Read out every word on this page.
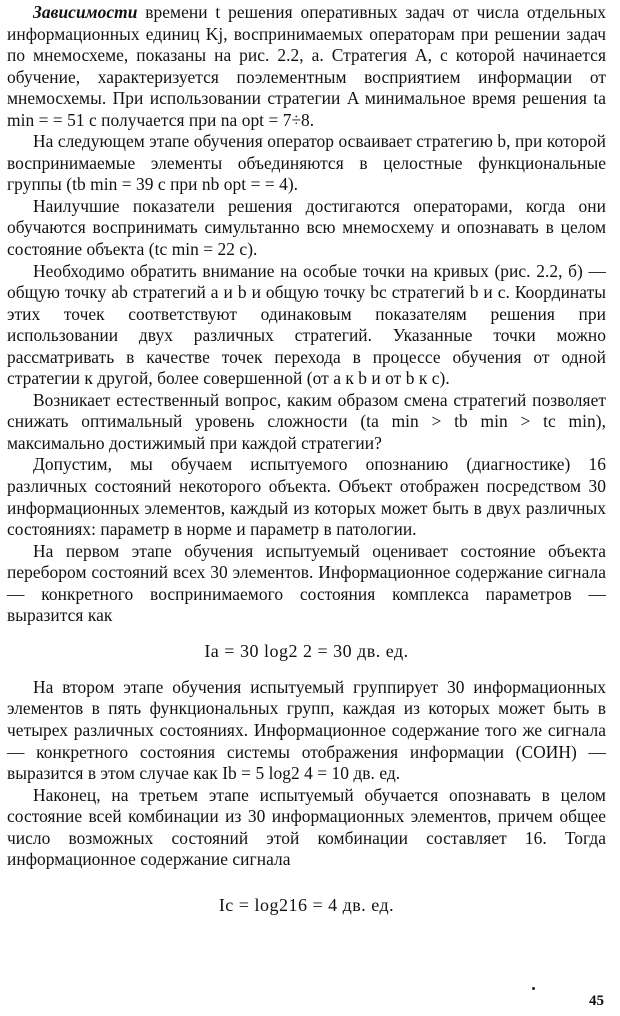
Зависимости времени t решения оперативных задач от числа отдельных информационных единиц Kj, воспринимаемых операторам при решении задач по мнемосхеме, показаны на рис. 2.2, a. Стратегия A, с которой начинается обучение, характеризуется поэлементным восприятием информации от мнемосхемы. При использовании стратегии A минимальное время решения ta min = = 51 с получается при na opt = 7÷8.

На следующем этапе обучения оператор осваивает стратегию b, при которой воспринимаемые элементы объединяются в целостные функциональные группы (tb min = 39 с при nb opt = = 4).

Наилучшие показатели решения достигаются операторами, когда они обучаются воспринимать симультанно всю мнемосхему и опознавать в целом состояние объекта (tc min = 22 с).

Необходимо обратить внимание на особые точки на кривых (рис. 2.2, б) — общую точку ab стратегий a и b и общую точку bc стратегий b и c. Координаты этих точек соответствуют одинаковым показателям решения при использовании двух различных стратегий. Указанные точки можно рассматривать в качестве точек перехода в процессе обучения от одной стратегии к другой, более совершенной (от a к b и от b к c).

Возникает естественный вопрос, каким образом смена стратегий позволяет снижать оптимальный уровень сложности (ta min > tb min > tc min), максимально достижимый при каждой стратегии?

Допустим, мы обучаем испытуемого опознанию (диагностике) 16 различных состояний некоторого объекта. Объект отображен посредством 30 информационных элементов, каждый из которых может быть в двух различных состояниях: параметр в норме и параметр в патологии.

На первом этапе обучения испытуемый оценивает состояние объекта перебором состояний всех 30 элементов. Информационное содержание сигнала — конкретного воспринимаемого состояния комплекса параметров — выразится как

Ia = 30 log2 2 = 30 дв. ед.

На втором этапе обучения испытуемый группирует 30 информационных элементов в пять функциональных групп, каждая из которых может быть в четырех различных состояниях. Информационное содержание того же сигнала — конкретного состояния системы отображения информации (СОИН) — выразится в этом случае как Ib = 5 log2 4 = 10 дв. ед.

Наконец, на третьем этапе испытуемый обучается опознавать в целом состояние всей комбинации из 30 информационных элементов, причем общее число возможных состояний этой комбинации составляет 16. Тогда информационное содержание сигнала

Ic = log216 = 4 дв. ед.
45
